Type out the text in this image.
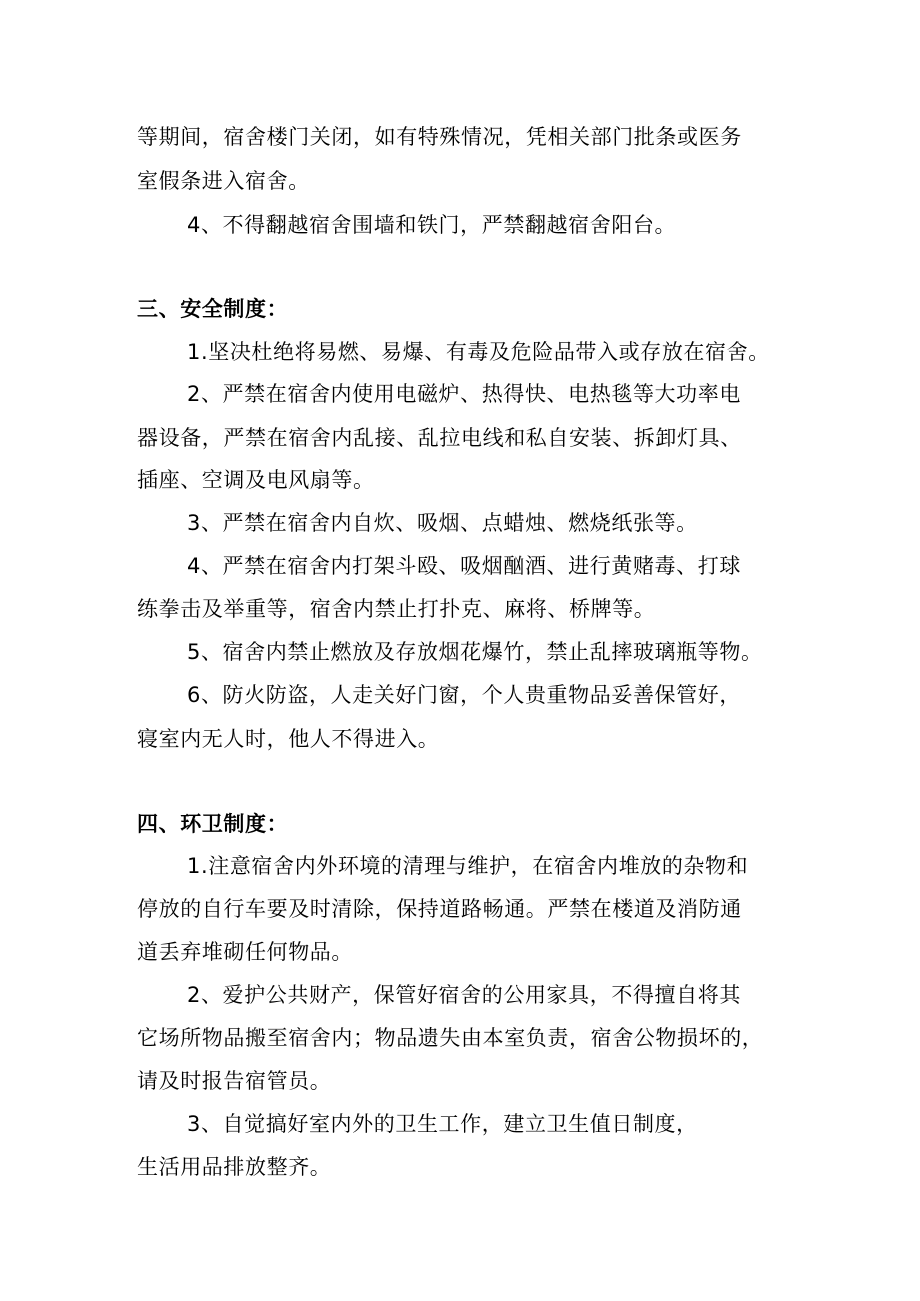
等期间，宿舍楼门关闭，如有特殊情况，凭相关部门批条或医务
室假条进入宿舍。
4、不得翻越宿舍围墙和铁门，严禁翻越宿舍阳台。
三、安全制度：
1.坚决杜绝将易燃、易爆、有毒及危险品带入或存放在宿舍。
2、严禁在宿舍内使用电磁炉、热得快、电热毯等大功率电
器设备，严禁在宿舍内乱接、乱拉电线和私自安装、拆卸灯具、
插座、空调及电风扇等。
3、严禁在宿舍内自炊、吸烟、点蜡烛、燃烧纸张等。
4、严禁在宿舍内打架斗殴、吸烟酗酒、进行黄赌毒、打球
练拳击及举重等，宿舍内禁止打扑克、麻将、桥牌等。
5、宿舍内禁止燃放及存放烟花爆竹，禁止乱摔玻璃瓶等物。
6、防火防盗，人走关好门窗，个人贵重物品妥善保管好，
寝室内无人时，他人不得进入。
四、环卫制度：
1.注意宿舍内外环境的清理与维护，在宿舍内堆放的杂物和
停放的自行车要及时清除，保持道路畅通。严禁在楼道及消防通
道丢弃堆砌任何物品。
2、爱护公共财产，保管好宿舍的公用家具，不得擅自将其
它场所物品搬至宿舍内；物品遗失由本室负责，宿舍公物损坏的，
请及时报告宿管员。
3、自觉搞好室内外的卫生工作，建立卫生值日制度，
生活用品排放整齐。
